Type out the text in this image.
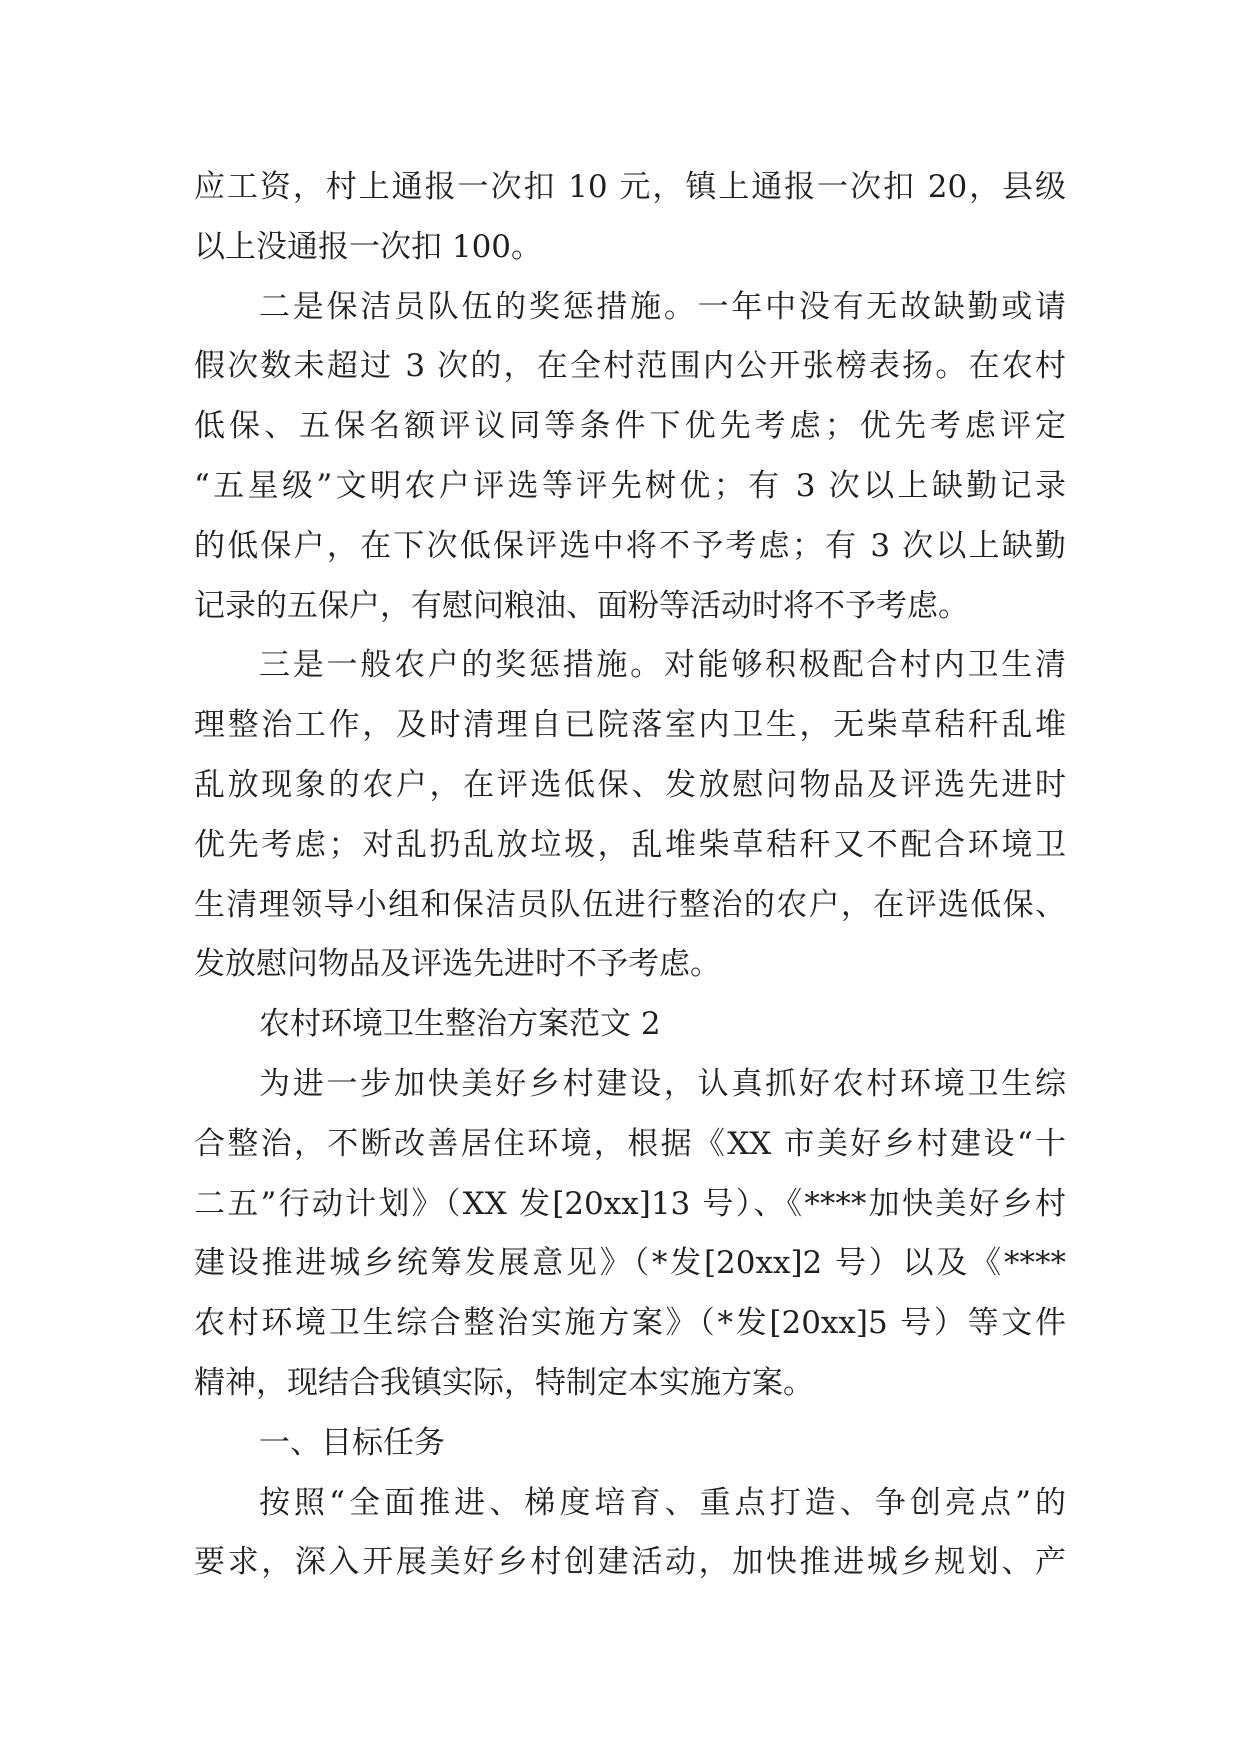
应工资，村上通报一次扣 10 元，镇上通报一次扣 20，县级
以上没通报一次扣 100。
二是保洁员队伍的奖惩措施。一年中没有无故缺勤或请
假次数未超过 3 次的，在全村范围内公开张榜表扬。在农村
低保、五保名额评议同等条件下优先考虑；优先考虑评定
“五星级”文明农户评选等评先树优；有 3 次以上缺勤记录
的低保户，在下次低保评选中将不予考虑；有 3 次以上缺勤
记录的五保户，有慰问粮油、面粉等活动时将不予考虑。
三是一般农户的奖惩措施。对能够积极配合村内卫生清
理整治工作，及时清理自已院落室内卫生，无柴草秸秆乱堆
乱放现象的农户，在评选低保、发放慰问物品及评选先进时
优先考虑；对乱扔乱放垃圾，乱堆柴草秸秆又不配合环境卫
生清理领导小组和保洁员队伍进行整治的农户，在评选低保、
发放慰问物品及评选先进时不予考虑。
农村环境卫生整治方案范文 2
为进一步加快美好乡村建设，认真抓好农村环境卫生综
合整治，不断改善居住环境，根据《XX 市美好乡村建设“十
二五”行动计划》（XX 发[20xx]13 号）、《****加快美好乡村
建设推进城乡统筹发展意见》（*发[20xx]2 号）以及《****
农村环境卫生综合整治实施方案》（*发[20xx]5 号）等文件
精神，现结合我镇实际，特制定本实施方案。
一、目标任务
按照“全面推进、梯度培育、重点打造、争创亮点”的
要求，深入开展美好乡村创建活动，加快推进城乡规划、产
